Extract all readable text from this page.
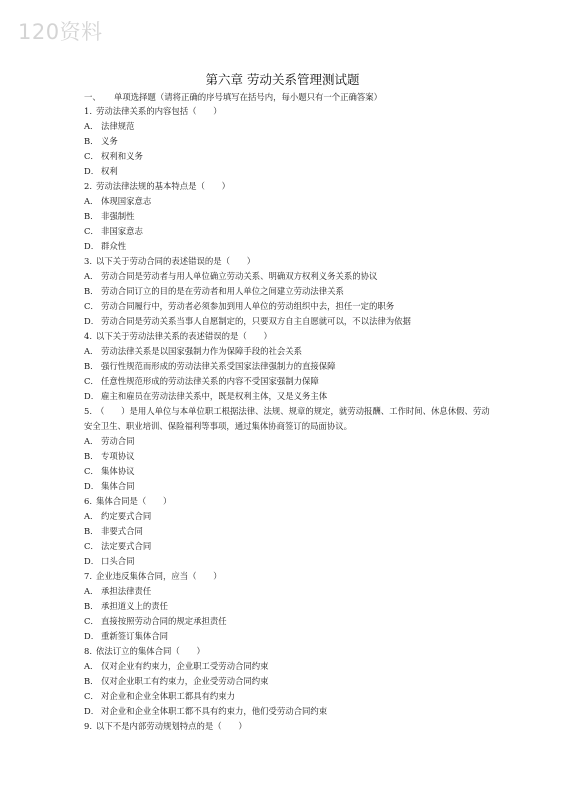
120资料
第六章 劳动关系管理测试题
一、 单项选择题（请将正确的序号填写在括号内，每小题只有一个正确答案）
1. 劳动法律关系的内容包括（　　）
A． 法律规范
B． 义务
C． 权利和义务
D． 权利
2. 劳动法律法规的基本特点是（　　）
A． 体现国家意志
B． 非强制性
C． 非国家意志
D． 群众性
3. 以下关于劳动合同的表述错误的是（　　）
A． 劳动合同是劳动者与用人单位确立劳动关系、明确双方权利义务关系的协议
B． 劳动合同订立的目的是在劳动者和用人单位之间建立劳动法律关系
C． 劳动合同履行中，劳动者必须参加到用人单位的劳动组织中去，担任一定的职务
D． 劳动合同是劳动关系当事人自愿制定的，只要双方自主自愿就可以，不以法律为依据
4. 以下关于劳动法律关系的表述错误的是（　　）
A． 劳动法律关系是以国家强制力作为保障手段的社会关系
B． 强行性规范而形成的劳动法律关系受国家法律强制力的直接保障
C． 任意性规范形成的劳动法律关系的内容不受国家强制力保障
D． 雇主和雇员在劳动法律关系中，既是权利主体，又是义务主体
5. （　　）是用人单位与本单位职工根据法律、法规、规章的规定，就劳动报酬、工作时间、休息休假、劳动安全卫生、职业培训、保险福利等事项，通过集体协商签订的局面协议。
A． 劳动合同
B． 专项协议
C． 集体协议
D． 集体合同
6. 集体合同是（　　）
A． 约定要式合同
B． 非要式合同
C． 法定要式合同
D． 口头合同
7. 企业违反集体合同，应当（　　）
A． 承担法律责任
B． 承担道义上的责任
C． 直接按照劳动合同的规定承担责任
D． 重新签订集体合同
8. 依法订立的集体合同（　　）
A． 仅对企业有约束力，企业职工受劳动合同约束
B． 仅对企业职工有约束力，企业受劳动合同约束
C． 对企业和企业全体职工都具有约束力
D． 对企业和企业全体职工都不具有约束力，他们受劳动合同约束
9. 以下不是内部劳动规划特点的是（　　）
